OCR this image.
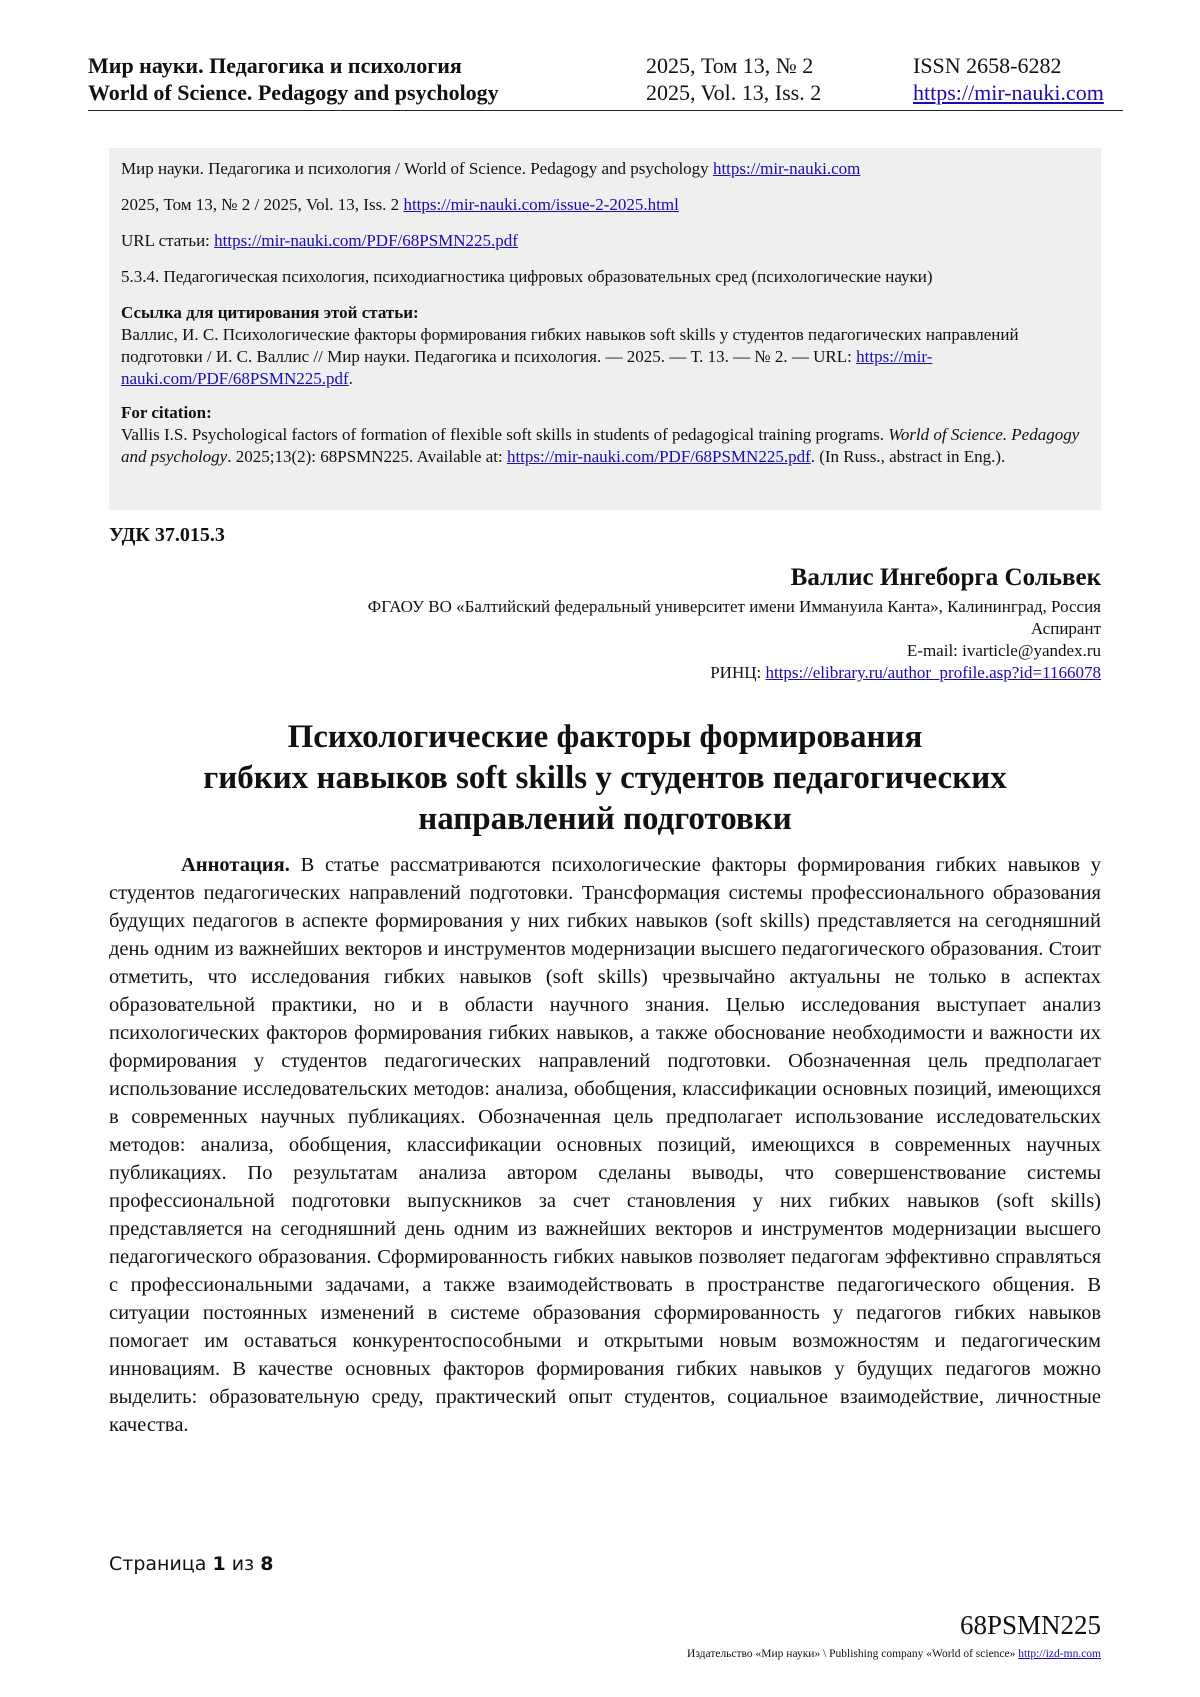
Мир науки. Педагогика и психология
World of Science. Pedagogy and psychology
2025, Том 13, № 2
2025, Vol. 13, Iss. 2
ISSN 2658-6282
https://mir-nauki.com

Мир науки. Педагогика и психология / World of Science. Pedagogy and psychology https://mir-nauki.com

2025, Том 13, № 2 / 2025, Vol. 13, Iss. 2 https://mir-nauki.com/issue-2-2025.html

URL статьи: https://mir-nauki.com/PDF/68PSMN225.pdf

5.3.4. Педагогическая психология, психодиагностика цифровых образовательных сред (психологические науки)

Ссылка для цитирования этой статьи:
Валлис, И. С. Психологические факторы формирования гибких навыков soft skills у студентов педагогических направлений подготовки / И. С. Валлис // Мир науки. Педагогика и психология. — 2025. — Т. 13. — № 2. — URL: https://mir-nauki.com/PDF/68PSMN225.pdf.

For citation:
Vallis I.S. Psychological factors of formation of flexible soft skills in students of pedagogical training programs. World of Science. Pedagogy and psychology. 2025;13(2): 68PSMN225. Available at: https://mir-nauki.com/PDF/68PSMN225.pdf. (In Russ., abstract in Eng.).

УДК 37.015.3
Валлис Ингеборга Сольвек
ФГАОУ ВО «Балтийский федеральный университет имени Иммануила Канта», Калининград, Россия
Аспирант
E-mail: ivarticle@yandex.ru
РИНЦ: https://elibrary.ru/author_profile.asp?id=1166078
Психологические факторы формирования
гибких навыков soft skills у студентов педагогических
направлений подготовки
Аннотация. В статье рассматриваются психологические факторы формирования гибких навыков у студентов педагогических направлений подготовки. Трансформация системы профессионального образования будущих педагогов в аспекте формирования у них гибких навыков (soft skills) представляется на сегодняшний день одним из важнейших векторов и инструментов модернизации высшего педагогического образования. Стоит отметить, что исследования гибких навыков (soft skills) чрезвычайно актуальны не только в аспектах образовательной практики, но и в области научного знания. Целью исследования выступает анализ психологических факторов формирования гибких навыков, а также обоснование необходимости и важности их формирования у студентов педагогических направлений подготовки. Обозначенная цель предполагает использование исследовательских методов: анализа, обобщения, классификации основных позиций, имеющихся в современных научных публикациях. Обозначенная цель предполагает использование исследовательских методов: анализа, обобщения, классификации основных позиций, имеющихся в современных научных публикациях. По результатам анализа автором сделаны выводы, что совершенствование системы профессиональной подготовки выпускников за счет становления у них гибких навыков (soft skills) представляется на сегодняшний день одним из важнейших векторов и инструментов модернизации высшего педагогического образования. Сформированность гибких навыков позволяет педагогам эффективно справляться с профессиональными задачами, а также взаимодействовать в пространстве педагогического общения. В ситуации постоянных изменений в системе образования сформированность у педагогов гибких навыков помогает им оставаться конкурентоспособными и открытыми новым возможностям и педагогическим инновациям. В качестве основных факторов формирования гибких навыков у будущих педагогов можно выделить: образовательную среду, практический опыт студентов, социальное взаимодействие, личностные качества.
Страница 1 из 8
68PSMN225
Издательство «Мир науки» \ Publishing company «World of science» http://izd-mn.com
